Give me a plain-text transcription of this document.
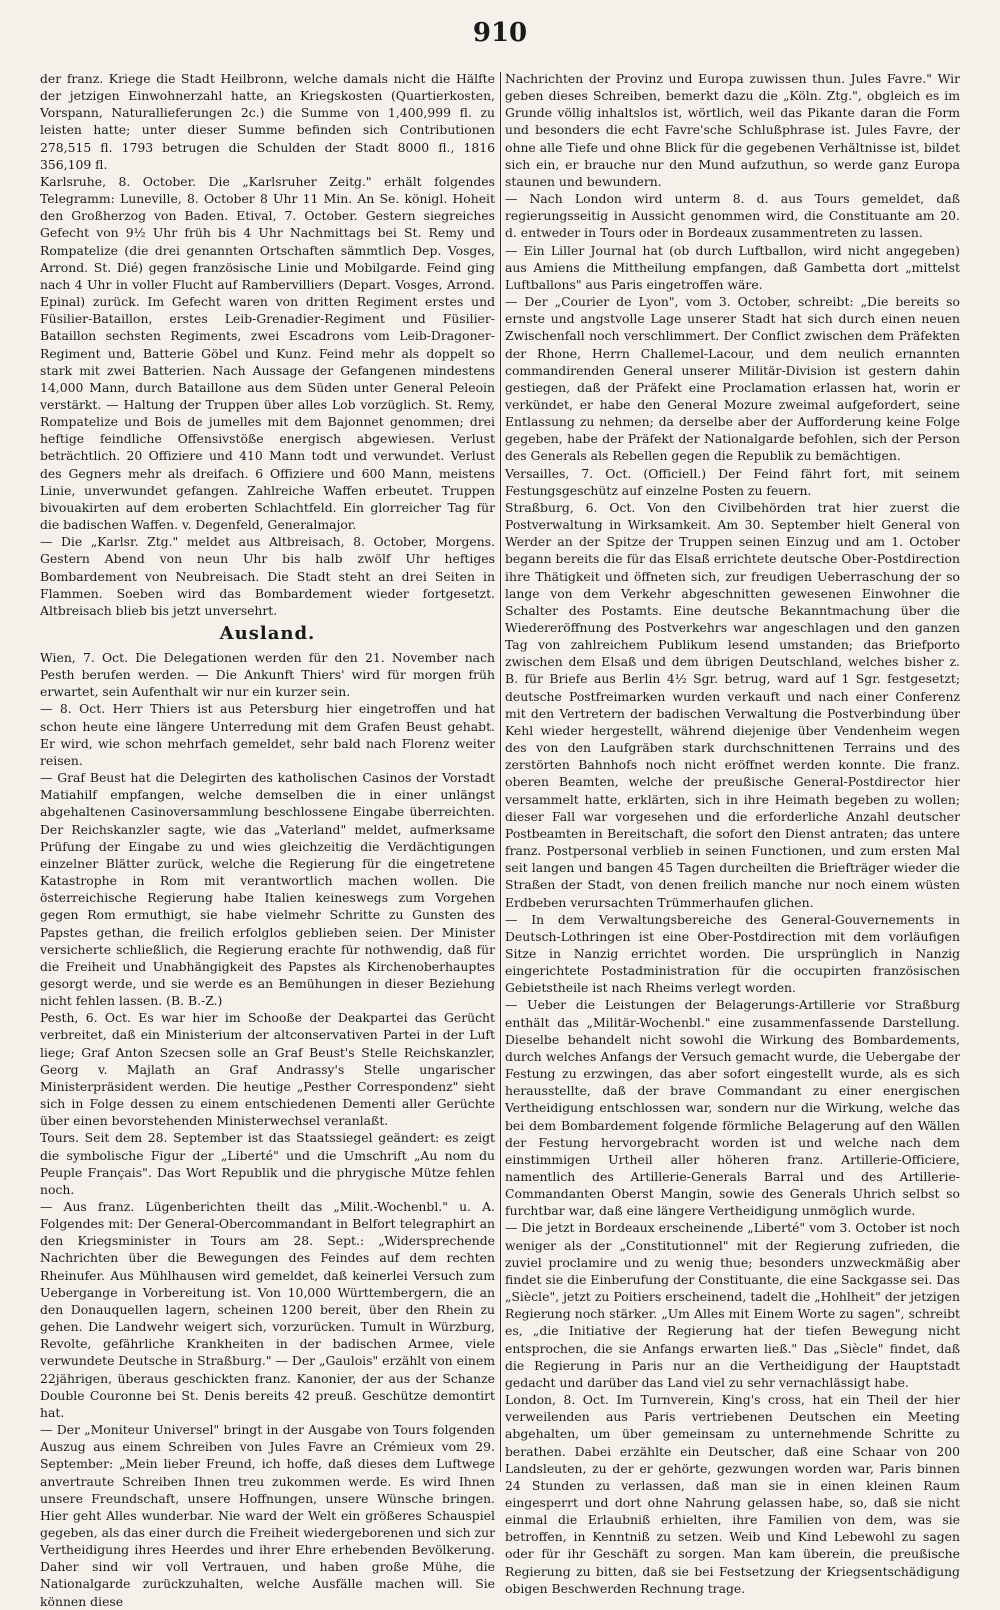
910

der franz. Kriege die Stadt Heilbronn, welche damals nicht die Hälfte der jetzigen Einwohnerzahl hatte, an Kriegskosten (Quartierkosten, Vorspann, Naturallieferungen 2c.) die Summe von 1,400,999 fl. zu leisten hatte; unter dieser Summe befinden sich Contributionen 278,515 fl. 1793 betrugen die Schulden der Stadt 8000 fl., 1816 356,109 fl.

Karlsruhe, 8. October. Die „Karlsruher Zeitg." erhält folgendes Telegramm: Luneville, 8. October 8 Uhr 11 Min. An Se. königl. Hoheit den Großherzog von Baden. Etival, 7. October. Gestern siegreiches Gefecht von 9½ Uhr früh bis 4 Uhr Nachmittags bei St. Remy und Rompatelize (die drei genannten Ortschaften sämmtlich Dep. Vosges, Arrond. St. Dié) gegen französische Linie und Mobilgarde. Feind ging nach 4 Uhr in voller Flucht auf Rambervilliers (Depart. Vosges, Arrond. Epinal) zurück. Im Gefecht waren von dritten Regiment erstes und Füsilier-Bataillon, erstes Leib-Grenadier-Regiment und Füsilier-Bataillon sechsten Regiments, zwei Escadrons vom Leib-Dragoner-Regiment und, Batterie Göbel und Kunz. Feind mehr als doppelt so stark mit zwei Batterien. Nach Aussage der Gefangenen mindestens 14,000 Mann, durch Bataillone aus dem Süden unter General Peleoin verstärkt. — Haltung der Truppen über alles Lob vorzüglich. St. Remy, Rompatelize und Bois de jumelles mit dem Bajonnet genommen; drei heftige feindliche Offensivstöße energisch abgewiesen. Verlust beträchtlich. 20 Offiziere und 410 Mann todt und verwundet. Verlust des Gegners mehr als dreifach. 6 Offiziere und 600 Mann, meistens Linie, unverwundet gefangen. Zahlreiche Waffen erbeutet. Truppen bivouakirten auf dem eroberten Schlachtfeld. Ein glorreicher Tag für die badischen Waffen. v. Degenfeld, Generalmajor.

— Die „Karlsr. Ztg." meldet aus Altbreisach, 8. October, Morgens. Gestern Abend von neun Uhr bis halb zwölf Uhr heftiges Bombardement von Neubreisach. Die Stadt steht an drei Seiten in Flammen. Soeben wird das Bombardement wieder fortgesetzt. Altbreisach blieb bis jetzt unversehrt.

Ausland.

Wien, 7. Oct. Die Delegationen werden für den 21. November nach Pesth berufen werden. — Die Ankunft Thiers' wird für morgen früh erwartet, sein Aufenthalt wir nur ein kurzer sein.

— 8. Oct. Herr Thiers ist aus Petersburg hier eingetroffen und hat schon heute eine längere Unterredung mit dem Grafen Beust gehabt. Er wird, wie schon mehrfach gemeldet, sehr bald nach Florenz weiter reisen.

— Graf Beust hat die Delegirten des katholischen Casinos der Vorstadt Matiahilf empfangen, welche demselben die in einer unlängst abgehaltenen Casinoversammlung beschlossene Eingabe überreichten. Der Reichskanzler sagte, wie das „Vaterland" meldet, aufmerksame Prüfung der Eingabe zu und wies gleichzeitig die Verdächtigungen einzelner Blätter zurück, welche die Regierung für die eingetretene Katastrophe in Rom mit verantwortlich machen wollen. Die österreichische Regierung habe Italien keineswegs zum Vorgehen gegen Rom ermuthigt, sie habe vielmehr Schritte zu Gunsten des Papstes gethan, die freilich erfolglos geblieben seien. Der Minister versicherte schließlich, die Regierung erachte für nothwendig, daß für die Freiheit und Unabhängigkeit des Papstes als Kirchenoberhauptes gesorgt werde, und sie werde es an Bemühungen in dieser Beziehung nicht fehlen lassen. (B. B.-Z.)

Pesth, 6. Oct. Es war hier im Schooße der Deakpartei das Gerücht verbreitet, daß ein Ministerium der altconservativen Partei in der Luft liege; Graf Anton Szecsen solle an Graf Beust's Stelle Reichskanzler, Georg v. Majlath an Graf Andrassy's Stelle ungarischer Ministerpräsident werden. Die heutige „Pesther Correspondenz" sieht sich in Folge dessen zu einem entschiedenen Dementi aller Gerüchte über einen bevorstehenden Ministerwechsel veranlaßt.

Tours. Seit dem 28. September ist das Staatssiegel geändert: es zeigt die symbolische Figur der „Liberté" und die Umschrift „Au nom du Peuple Français". Das Wort Republik und die phrygische Mütze fehlen noch.

— Aus franz. Lügenberichten theilt das „Milit.-Wochenbl." u. A. Folgendes mit: Der General-Obercommandant in Belfort telegraphirt an den Kriegsminister in Tours am 28. Sept.: „Widersprechende Nachrichten über die Bewegungen des Feindes auf dem rechten Rheinufer. Aus Mühlhausen wird gemeldet, daß keinerlei Versuch zum Uebergange in Vorbereitung ist. Von 10,000 Württembergern, die an den Donauquellen lagern, scheinen 1200 bereit, über den Rhein zu gehen. Die Landwehr weigert sich, vorzurücken. Tumult in Würzburg, Revolte, gefährliche Krankheiten in der badischen Armee, viele verwundete Deutsche in Straßburg." — Der „Gaulois" erzählt von einem 22jährigen, überaus geschickten franz. Kanonier, der aus der Schanze Double Couronne bei St. Denis bereits 42 preuß. Geschütze demontirt hat.

— Der „Moniteur Universel" bringt in der Ausgabe von Tours folgenden Auszug aus einem Schreiben von Jules Favre an Crémieux vom 29. September: „Mein lieber Freund, ich hoffe, daß dieses dem Luftwege anvertraute Schreiben Ihnen treu zukommen werde. Es wird Ihnen unsere Freundschaft, unsere Hoffnungen, unsere Wünsche bringen. Hier geht Alles wunderbar. Nie ward der Welt ein größeres Schauspiel gegeben, als das einer durch die Freiheit wiedergeborenen und sich zur Vertheidigung ihres Heerdes und ihrer Ehre erhebenden Bevölkerung. Daher sind wir voll Vertrauen, und haben große Mühe, die Nationalgarde zurückzuhalten, welche Ausfälle machen will. Sie können diese

Nachrichten der Provinz und Europa zuwissen thun. Jules Favre." Wir geben dieses Schreiben, bemerkt dazu die „Köln. Ztg.", obgleich es im Grunde völlig inhaltslos ist, wörtlich, weil das Pikante daran die Form und besonders die echt Favre'sche Schlußphrase ist. Jules Favre, der ohne alle Tiefe und ohne Blick für die gegebenen Verhältnisse ist, bildet sich ein, er brauche nur den Mund aufzuthun, so werde ganz Europa staunen und bewundern.

— Nach London wird unterm 8. d. aus Tours gemeldet, daß regierungsseitig in Aussicht genommen wird, die Constituante am 20. d. entweder in Tours oder in Bordeaux zusammentreten zu lassen.

— Ein Liller Journal hat (ob durch Luftballon, wird nicht angegeben) aus Amiens die Mittheilung empfangen, daß Gambetta dort „mittelst Luftballons" aus Paris eingetroffen wäre.

— Der „Courier de Lyon", vom 3. October, schreibt: „Die bereits so ernste und angstvolle Lage unserer Stadt hat sich durch einen neuen Zwischenfall noch verschlimmert. Der Conflict zwischen dem Präfekten der Rhone, Herrn Challemel-Lacour, und dem neulich ernannten commandirenden General unserer Militär-Division ist gestern dahin gestiegen, daß der Präfekt eine Proclamation erlassen hat, worin er verkündet, er habe den General Mozure zweimal aufgefordert, seine Entlassung zu nehmen; da derselbe aber der Aufforderung keine Folge gegeben, habe der Präfekt der Nationalgarde befohlen, sich der Person des Generals als Rebellen gegen die Republik zu bemächtigen.

Versailles, 7. Oct. (Officiell.) Der Feind fährt fort, mit seinem Festungsgeschütz auf einzelne Posten zu feuern.

Straßburg, 6. Oct. Von den Civilbehörden trat hier zuerst die Postverwaltung in Wirksamkeit. Am 30. September hielt General von Werder an der Spitze der Truppen seinen Einzug und am 1. October begann bereits die für das Elsaß errichtete deutsche Ober-Postdirection ihre Thätigkeit und öffneten sich, zur freudigen Ueberraschung der so lange von dem Verkehr abgeschnitten gewesenen Einwohner die Schalter des Postamts. Eine deutsche Bekanntmachung über die Wiedereröffnung des Postverkehrs war angeschlagen und den ganzen Tag von zahlreichem Publikum lesend umstanden; das Briefporto zwischen dem Elsaß und dem übrigen Deutschland, welches bisher z. B. für Briefe aus Berlin 4½ Sgr. betrug, ward auf 1 Sgr. festgesetzt; deutsche Postfreimarken wurden verkauft und nach einer Conferenz mit den Vertretern der badischen Verwaltung die Postverbindung über Kehl wieder hergestellt, während diejenige über Vendenheim wegen des von den Laufgräben stark durchschnittenen Terrains und des zerstörten Bahnhofs noch nicht eröffnet werden konnte. Die franz. oberen Beamten, welche der preußische General-Postdirector hier versammelt hatte, erklärten, sich in ihre Heimath begeben zu wollen; dieser Fall war vorgesehen und die erforderliche Anzahl deutscher Postbeamten in Bereitschaft, die sofort den Dienst antraten; das untere franz. Postpersonal verblieb in seinen Functionen, und zum ersten Mal seit langen und bangen 45 Tagen durcheilten die Briefträger wieder die Straßen der Stadt, von denen freilich manche nur noch einem wüsten Erdbeben verursachten Trümmerhaufen glichen.

— In dem Verwaltungsbereiche des General-Gouvernements in Deutsch-Lothringen ist eine Ober-Postdirection mit dem vorläufigen Sitze in Nanzig errichtet worden. Die ursprünglich in Nanzig eingerichtete Postadministration für die occupirten französischen Gebietstheile ist nach Rheims verlegt worden.

— Ueber die Leistungen der Belagerungs-Artillerie vor Straßburg enthält das „Militär-Wochenbl." eine zusammenfassende Darstellung. Dieselbe behandelt nicht sowohl die Wirkung des Bombardements, durch welches Anfangs der Versuch gemacht wurde, die Uebergabe der Festung zu erzwingen, das aber sofort eingestellt wurde, als es sich herausstellte, daß der brave Commandant zu einer energischen Vertheidigung entschlossen war, sondern nur die Wirkung, welche das bei dem Bombardement folgende förmliche Belagerung auf den Wällen der Festung hervorgebracht worden ist und welche nach dem einstimmigen Urtheil aller höheren franz. Artillerie-Officiere, namentlich des Artillerie-Generals Barral und des Artillerie-Commandanten Oberst Mangin, sowie des Generals Uhrich selbst so furchtbar war, daß eine längere Vertheidigung unmöglich wurde.

— Die jetzt in Bordeaux erscheinende „Liberté" vom 3. October ist noch weniger als der „Constitutionnel" mit der Regierung zufrieden, die zuviel proclamire und zu wenig thue; besonders unzweckmäßig aber findet sie die Einberufung der Constituante, die eine Sackgasse sei. Das „Siècle", jetzt zu Poitiers erscheinend, tadelt die „Hohlheit" der jetzigen Regierung noch stärker. „Um Alles mit Einem Worte zu sagen", schreibt es, „die Initiative der Regierung hat der tiefen Bewegung nicht entsprochen, die sie Anfangs erwarten ließ." Das „Siècle" findet, daß die Regierung in Paris nur an die Vertheidigung der Hauptstadt gedacht und darüber das Land viel zu sehr vernachlässigt habe.

London, 8. Oct. Im Turnverein, King's cross, hat ein Theil der hier verweilenden aus Paris vertriebenen Deutschen ein Meeting abgehalten, um über gemeinsam zu unternehmende Schritte zu berathen. Dabei erzählte ein Deutscher, daß eine Schaar von 200 Landsleuten, zu der er gehörte, gezwungen worden war, Paris binnen 24 Stunden zu verlassen, daß man sie in einen kleinen Raum eingesperrt und dort ohne Nahrung gelassen habe, so, daß sie nicht einmal die Erlaubniß erhielten, ihre Familien von dem, was sie betroffen, in Kenntniß zu setzen. Weib und Kind Lebewohl zu sagen oder für ihr Geschäft zu sorgen. Man kam überein, die preußische Regierung zu bitten, daß sie bei Festsetzung der Kriegsentschädigung obigen Beschwerden Rechnung trage.
